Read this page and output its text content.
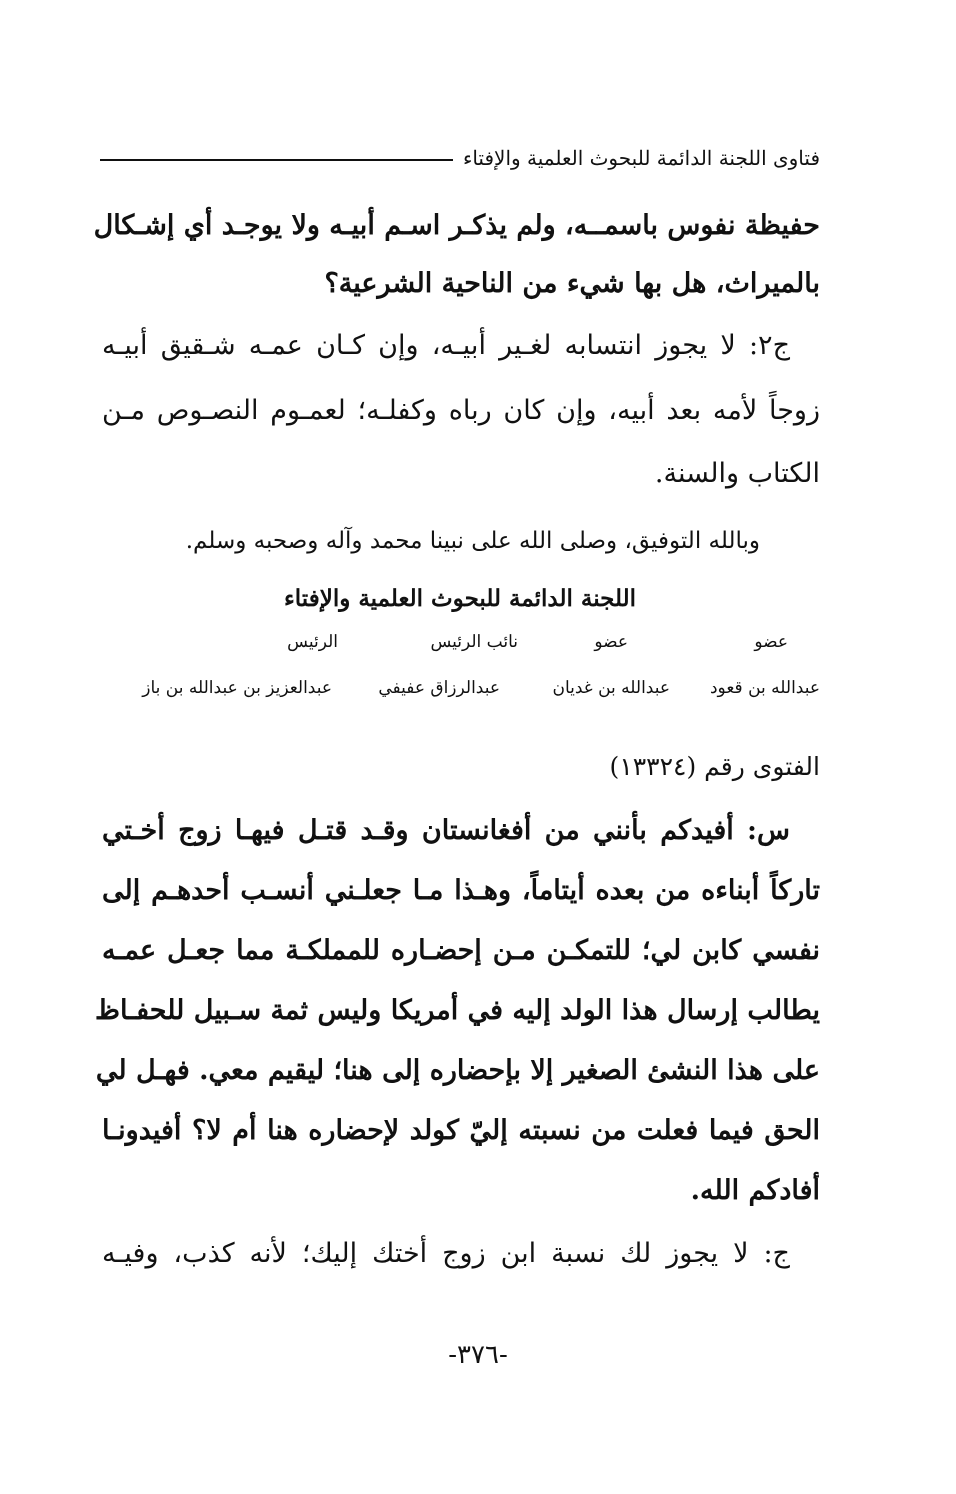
فتاوى اللجنة الدائمة للبحوث العلمية والإفتاء
حفيظة نفوس باسمــه، ولم يذكـر اسـم أبيـه ولا يوجـد أي إشـكال
بالميراث، هل بها شيء من الناحية الشرعية؟
ج٢: لا يجوز انتسابه لغـير أبيـه، وإن كـان عمـه شـقيق أبيـه
زوجاً لأمه بعد أبيه، وإن كان رباه وكفلـه؛ لعمـوم النصـوص مـن
الكتاب والسنة.
وبالله التوفيق، وصلى الله على نبينا محمد وآله وصحبه وسلم.
اللجنة الدائمة للبحوث العلمية والإفتاء
عضو
عضو
نائب الرئيس
الرئيس
عبدالله بن قعود
عبدالله بن غديان
عبدالرزاق عفيفي
عبدالعزيز بن عبدالله بن باز
الفتوى رقم (١٣٣٢٤)
س: أفيدكم بأنني من أفغانستان وقـد قتـل فيهـا زوج أخـتي
تاركاً أبناءه من بعده أيتاماً، وهـذا مـا جعلـني أنسـب أحدهـم إلى
نفسي كابن لي؛ للتمكـن مـن إحضـاره للمملكـة مما جعـل عمـه
يطالب إرسال هذا الولد إليه في أمريكا وليس ثمة سـبيل للحفـاظ
على هذا النشئ الصغير إلا بإحضاره إلى هنا؛ ليقيم معي. فهـل لي
الحق فيما فعلت من نسبته إليّ كولد لإحضاره هنا أم لا؟ أفيدونـا
أفادكم الله.
ج: لا يجوز لك نسبة ابن زوج أختك إليك؛ لأنه كذب، وفيـه
-٣٧٦-
